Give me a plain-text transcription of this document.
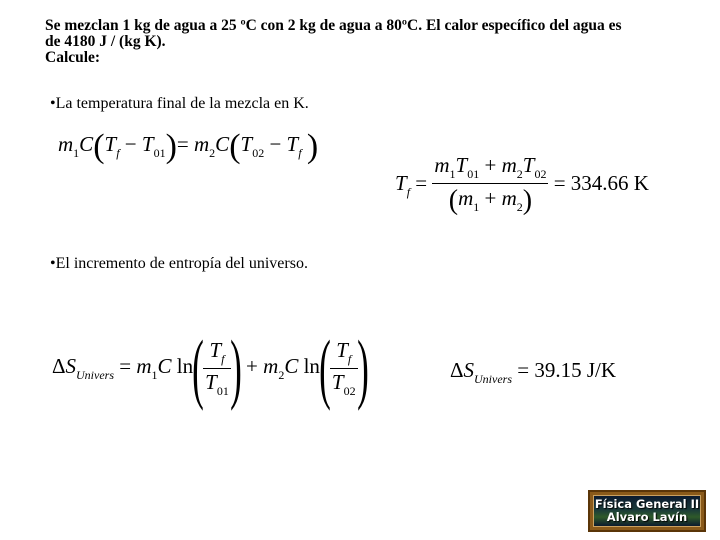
Se mezclan 1 kg de agua a 25 ºC con 2 kg de agua a 80ºC. El calor específico del agua es
de 4180 J / (kg K).
Calcule:
•La temperatura final de la mezcla en K.
$m_1C(T_f - T_{01})= m_2C(T_{02} - T_f$ )
$T_f = \frac{m_1T_{01} + m_2T_{02}}{(m_1 + m_2)} = 334.66$ K
•El incremento de entropía del universo.
$\Delta S_{Univers} = m_1C$ $\ln( \frac{T_f}{T_{01}}$ ) + $m_2C$ $\ln( \frac{T_f}{T_{02}}$ )	$\Delta S_{Univers} = 39.15$ J/K
Física General II
Alvaro Lavín
